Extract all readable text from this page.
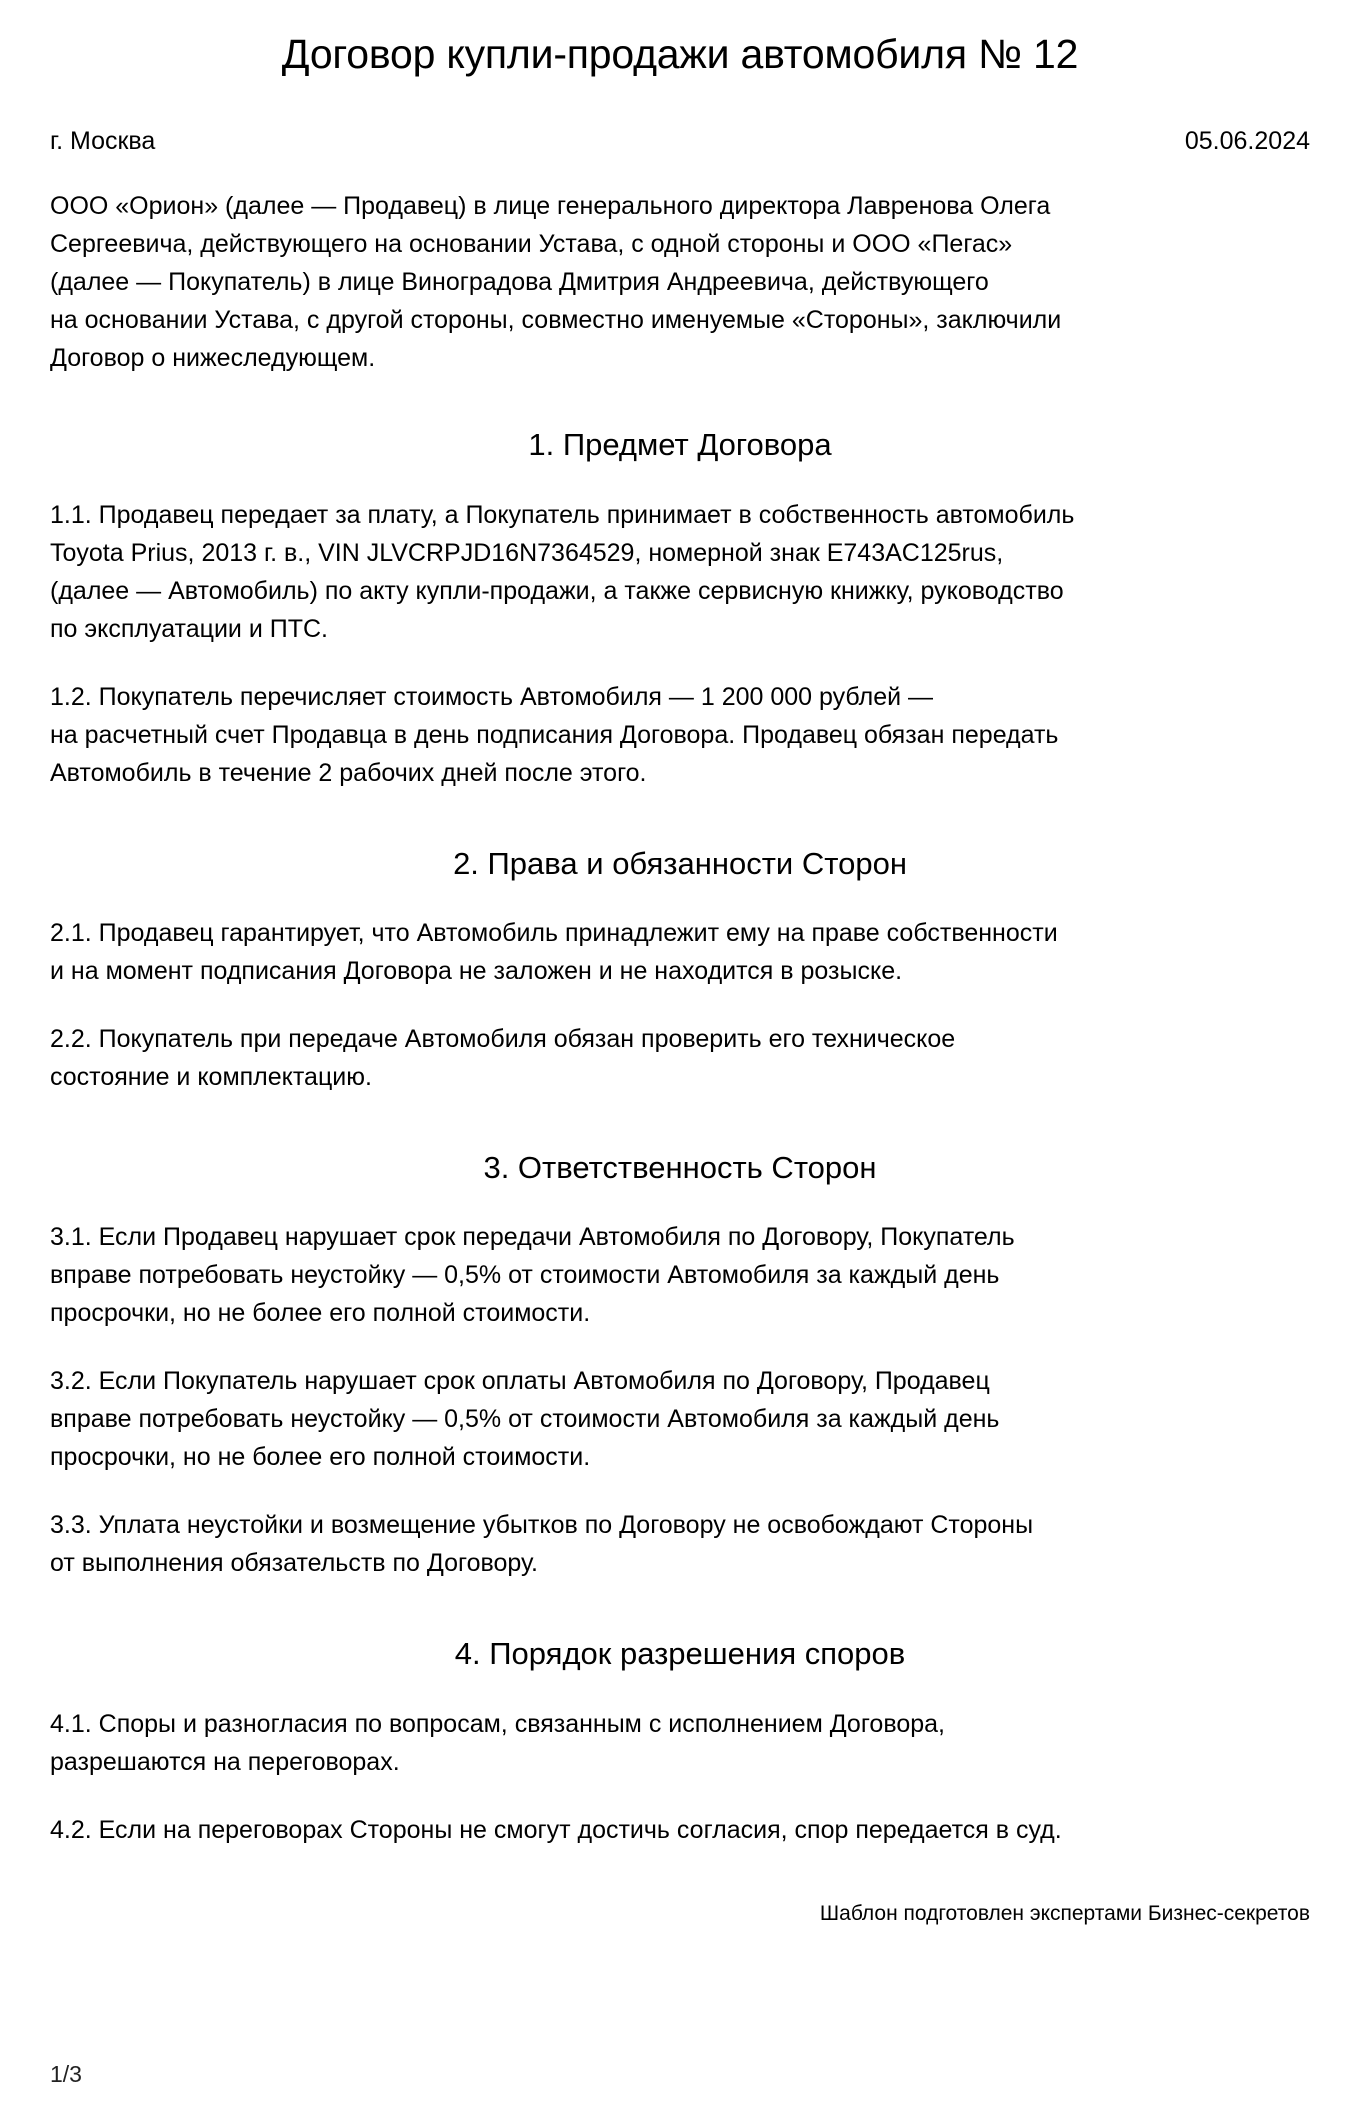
Договор купли-продажи автомобиля № 12
г. Москва	05.06.2024

ООО «Орион» (далее — Продавец) в лице генерального директора Лавренова Олега
Сергеевича, действующего на основании Устава, с одной стороны и ООО «Пегас»
(далее — Покупатель) в лице Виноградова Дмитрия Андреевича, действующего
на основании Устава, с другой стороны, совместно именуемые «Стороны», заключили
Договор о нижеследующем.

1. Предмет Договора

1.1. Продавец передает за плату, а Покупатель принимает в собственность автомобиль
Toyota Prius, 2013 г. в., VIN JLVCRPJD16N7364529, номерной знак E743AC125rus,
(далее — Автомобиль) по акту купли-продажи, а также сервисную книжку, руководство
по эксплуатации и ПТС.

1.2. Покупатель перечисляет стоимость Автомобиля — 1 200 000 рублей —
на расчетный счет Продавца в день подписания Договора. Продавец обязан передать
Автомобиль в течение 2 рабочих дней после этого.

2. Права и обязанности Сторон

2.1. Продавец гарантирует, что Автомобиль принадлежит ему на праве собственности
и на момент подписания Договора не заложен и не находится в розыске.

2.2. Покупатель при передаче Автомобиля обязан проверить его техническое
состояние и комплектацию.

3. Ответственность Сторон

3.1. Если Продавец нарушает срок передачи Автомобиля по Договору, Покупатель
вправе потребовать неустойку — 0,5% от стоимости Автомобиля за каждый день
просрочки, но не более его полной стоимости.

3.2. Если Покупатель нарушает срок оплаты Автомобиля по Договору, Продавец
вправе потребовать неустойку — 0,5% от стоимости Автомобиля за каждый день
просрочки, но не более его полной стоимости.

3.3. Уплата неустойки и возмещение убытков по Договору не освобождают Стороны
от выполнения обязательств по Договору.

4. Порядок разрешения споров

4.1. Споры и разногласия по вопросам, связанным с исполнением Договора,
разрешаются на переговорах.

4.2. Если на переговорах Стороны не смогут достичь согласия, спор передается в суд.

Шаблон подготовлен экспертами Бизнес-секретов
1/3
